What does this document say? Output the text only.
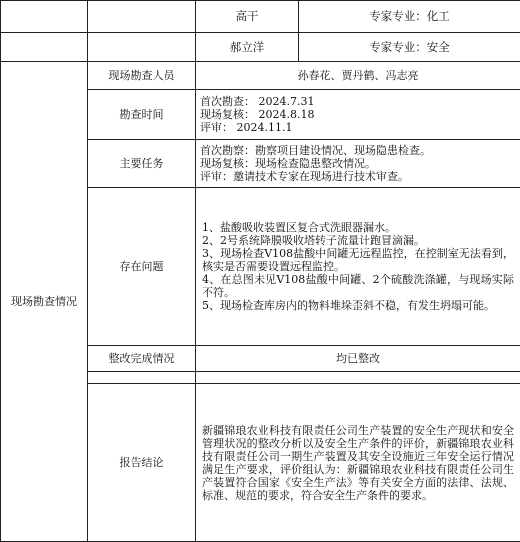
		高干	专家专业：化工
		郝立洋	专家专业：安全
现场勘查情况	现场勘查人员	孙春花、贾丹鹤、冯志亮	
	勘查时间	首次勘查： 2024.7.31
现场复核： 2024.8.18
评审： 2024.11.1	

	主要任务	首次勘察：勘察项目建设情况、现场隐患检查。
现场复核：现场检查隐患整改情况。
评审：邀请技术专家在现场进行技术审查。	

	存在问题	1、盐酸吸收装置区复合式洗眼器漏水。
2、2号系统降膜吸收塔转子流量计跑冒滴漏。
3、现场检查V108盐酸中间罐无远程监控，在控制室无法看到，核实是否需要设置远程监控。
4、在总图未见V108盐酸中间罐、2个硫酸洗涤罐，与现场实际不符。
5、现场检查库房内的物料堆垛歪斜不稳，有发生坍塌可能。	

	整改完成情况	均已整改	

	报告结论	新疆锦琅农业科技有限责任公司生产装置的安全生产现状和安全管理状况的整改分析以及安全生产条件的评价，新疆锦琅农业科技有限责任公司一期生产装置及其安全设施近三年安全运行情况满足生产要求，评价组认为：新疆锦琅农业科技有限责任公司生产装置符合国家《安全生产法》等有关安全方面的法律、法规、标准、规范的要求，符合安全生产条件的要求。	
